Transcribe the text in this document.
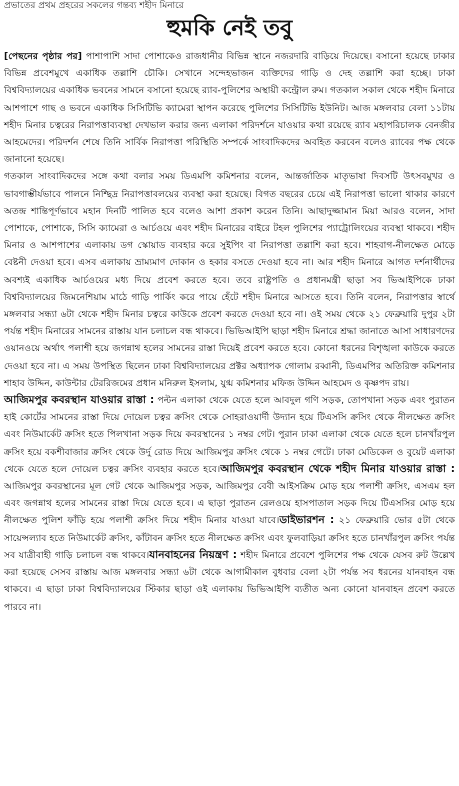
প্রভাতের প্রথম প্রহরের সকলের গন্তব্য শহীদ মিনারে
হুমকি নেই তবু

[পেছনের পৃষ্ঠার পর] পাশাপাশি সাদা পোশাকেও রাজধানীর বিভিন্ন স্থানে নজরদারি বাড়িয়ে দিয়েছে। বসানো হয়েছে ঢাকার বিভিন্ন প্রবেশমুখে একাধিক তল্লাশি চৌকি। সেখানে সন্দেহভাজন ব্যক্তিদের গাড়ি ও দেহ তল্লাশি করা হচ্ছে। ঢাকা বিশ্ববিদ্যালয়ের একাধিক ভবনের সামনে বসানো হয়েছে র‌্যাব-পুলিশের অস্থায়ী কন্ট্রোল রুম। গতকাল সকাল থেকে শহীদ মিনারে আশপাশে গাছ ও ভবনে একাধিক সিসিটিভি ক্যামেরা স্থাপন করেছে পুলিশের সিসিটিভি ইউনিট। আজ মঙ্গলবার বেলা ১১টায় শহীদ মিনার চত্বরের নিরাপত্তাব্যবস্থা দেখভাল করার জন্য এলাকা পরিদর্শনে যাওয়ার কথা রয়েছে র‌্যাব মহাপরিচালক বেনজীর আহমেদের। পরিদর্শন শেষে তিনি সার্বিক নিরাপত্তা পরিস্থিতি সম্পর্কে সাংবাদিকদের অবহিত করবেন বলেও র‌্যাবের পক্ষ থেকে জানানো হয়েছে।

গতকাল সাংবাদিকদের সঙ্গে কথা বলার সময় ডিএমপি কমিশনার বলেন, আন্তর্জাতিক মাতৃভাষা দিবসটি উৎসবমুখর ও ভাবগাম্ভীর্যভাবে পালনে নিশ্ছিদ্র নিরাপত্তাবলয়ের ব্যবস্থা করা হয়েছে। বিগত বছরের চেয়ে এই নিরাপত্তা ভালো থাকার কারণে অতন্দ্র শান্তিপূর্ণভাবে মহান দিনটি পালিত হবে বলেও আশা প্রকাশ করেন তিনি। আছাদুজ্জামান মিয়া আরও বলেন, সাদা পোশাকে, পোশাকে, সিসি ক্যামেরা ও আর্চওয়ে এবং শহীদ মিনারের বাইরে টহল পুলিশের প্যাট্রোলিংয়ের ব্যবস্থা থাকবে। শহীদ মিনার ও আশপাশের এলাকায় ডগ স্কোয়াড ব্যবহার করে সুইপিং বা নিরাপত্তা তল্লাশি করা হবে। শাহবাগ-নীলক্ষেত মোড়ে বেষ্টনী দেওয়া হবে। এসব এলাকায় ভ্রাম্যমাণ দোকান ও হকার বসতে দেওয়া হবে না। আর শহীদ মিনারে আগত দর্শনার্থীদের অবশ্যই একাধিক আর্চওয়ের মধ্য দিয়ে প্রবেশ করতে হবে। তবে রাষ্ট্রপতি ও প্রধানমন্ত্রী ছাড়া সব ভিআইপিকে ঢাকা বিশ্ববিদ্যালয়ের জিমনেশিয়াম মাঠে গাড়ি পার্কিং করে পায়ে হেঁটে শহীদ মিনারে আসতে হবে। তিনি বলেন, নিরাপত্তার স্বার্থে মঙ্গলবার সন্ধ্যা ৬টা থেকে শহীদ মিনার চত্বরে কাউকে প্রবেশ করতে দেওয়া হবে না। ওই সময় থেকে ২১ ফেব্রুয়ারি দুপুর ২টা পর্যন্ত শহীদ মিনারের সামনের রাস্তায় যান চলাচল বন্ধ থাকবে। ভিভিআইপি ছাড়া শহীদ মিনারে শ্রদ্ধা জানাতে আসা সাধারণদের ওয়ানওয়ে অর্থাৎ পলাশী হয়ে জগন্নাথ হলের সামনের রাস্তা দিয়েই প্রবেশ করতে হবে। কোনো ধরনের বিশৃঙ্খলা কাউকে করতে দেওয়া হবে না। এ সময় উপস্থিত ছিলেন ঢাকা বিশ্ববিদ্যালয়ের প্রক্টর অধ্যাপক গোলাম রব্বানী, ডিএমপির অতিরিক্ত কমিশনার শাহাব উদ্দিন, কাউন্টার টেররিজমের প্রধান মনিরুল ইসলাম, যুগ্ম কমিশনার মফিজ উদ্দিন আহমেদ ও কৃষ্ণপদ রায়।

আজিমপুর কবরস্থান যাওয়ার রাস্তা : পল্টন এলাকা থেকে যেতে হলে আবদুল গণি সড়ক, তোপখানা সড়ক এবং পুরাতন হাই কোর্টের সামনের রাস্তা দিয়ে দোয়েল চত্বর ক্রসিং থেকে সোহরাওয়ার্দী উদ্যান হয়ে টিএসসি ক্রসিং থেকে নীলক্ষেত ক্রসিং এবং নিউমার্কেট ক্রসিং হতে পিলখানা সড়ক দিয়ে কবরস্থানের ১ নম্বর গেট। পুরান ঢাকা এলাকা থেকে যেতে হলে চানখাঁরপুল ক্রসিং হয়ে বকশীবাজার ক্রসিং থেকে উর্দু রোড দিয়ে আজিমপুর ক্রসিং থেকে ১ নম্বর গেটে। ঢাকা মেডিকেল ও বুয়েট এলাকা থেকে যেতে হলে দোয়েল চত্বর ক্রসিং ব্যবহার করতে হবে।আজিমপুর কবরস্থান থেকে শহীদ মিনার যাওয়ার রাস্তা : আজিমপুর কবরস্থানের মূল গেট থেকে আজিমপুর সড়ক, আজিমপুর বেবী আইসক্রিম মোড় হয়ে পলাশী ক্রসিং, এসএম হল এবং জগন্নাথ হলের সামনের রাস্তা দিয়ে যেতে হবে। এ ছাড়া পুরাতন রেলওয়ে হাসপাতাল সড়ক দিয়ে টিএসসির মোড় হয়ে নীলক্ষেত পুলিশ ফাঁড়ি হয়ে পলাশী ক্রসিং দিয়ে শহীদ মিনার যাওয়া যাবে।ডাইভারশন : ২১ ফেব্রুয়ারি ভোর ৫টা থেকে সায়েন্সল্যাব হতে নিউমার্কেট ক্রসিং, কাঁটাবন ক্রসিং হতে নীলক্ষেত ক্রসিং এবং ফুলবাড়িয়া ক্রসিং হতে চানখাঁরপুল ক্রসিং পর্যন্ত সব যাত্রীবাহী গাড়ি চলাচল বন্ধ থাকবে।যানবাহনের নিয়ন্ত্রণ : শহীদ মিনারে প্রবেশে পুলিশের পক্ষ থেকে যেসব রুট উল্লেখ করা হয়েছে সেসব রাস্তায় আজ মঙ্গলবার সন্ধ্যা ৬টা থেকে আগামীকাল বুধবার বেলা ২টা পর্যন্ত সব ধরনের যানবাহন বন্ধ থাকবে। এ ছাড়া ঢাকা বিশ্ববিদ্যালয়ের স্টিকার ছাড়া ওই এলাকায় ভিভিআইপি ব্যতীত অন্য কোনো যানবাহন প্রবেশ করতে পারবে না।
